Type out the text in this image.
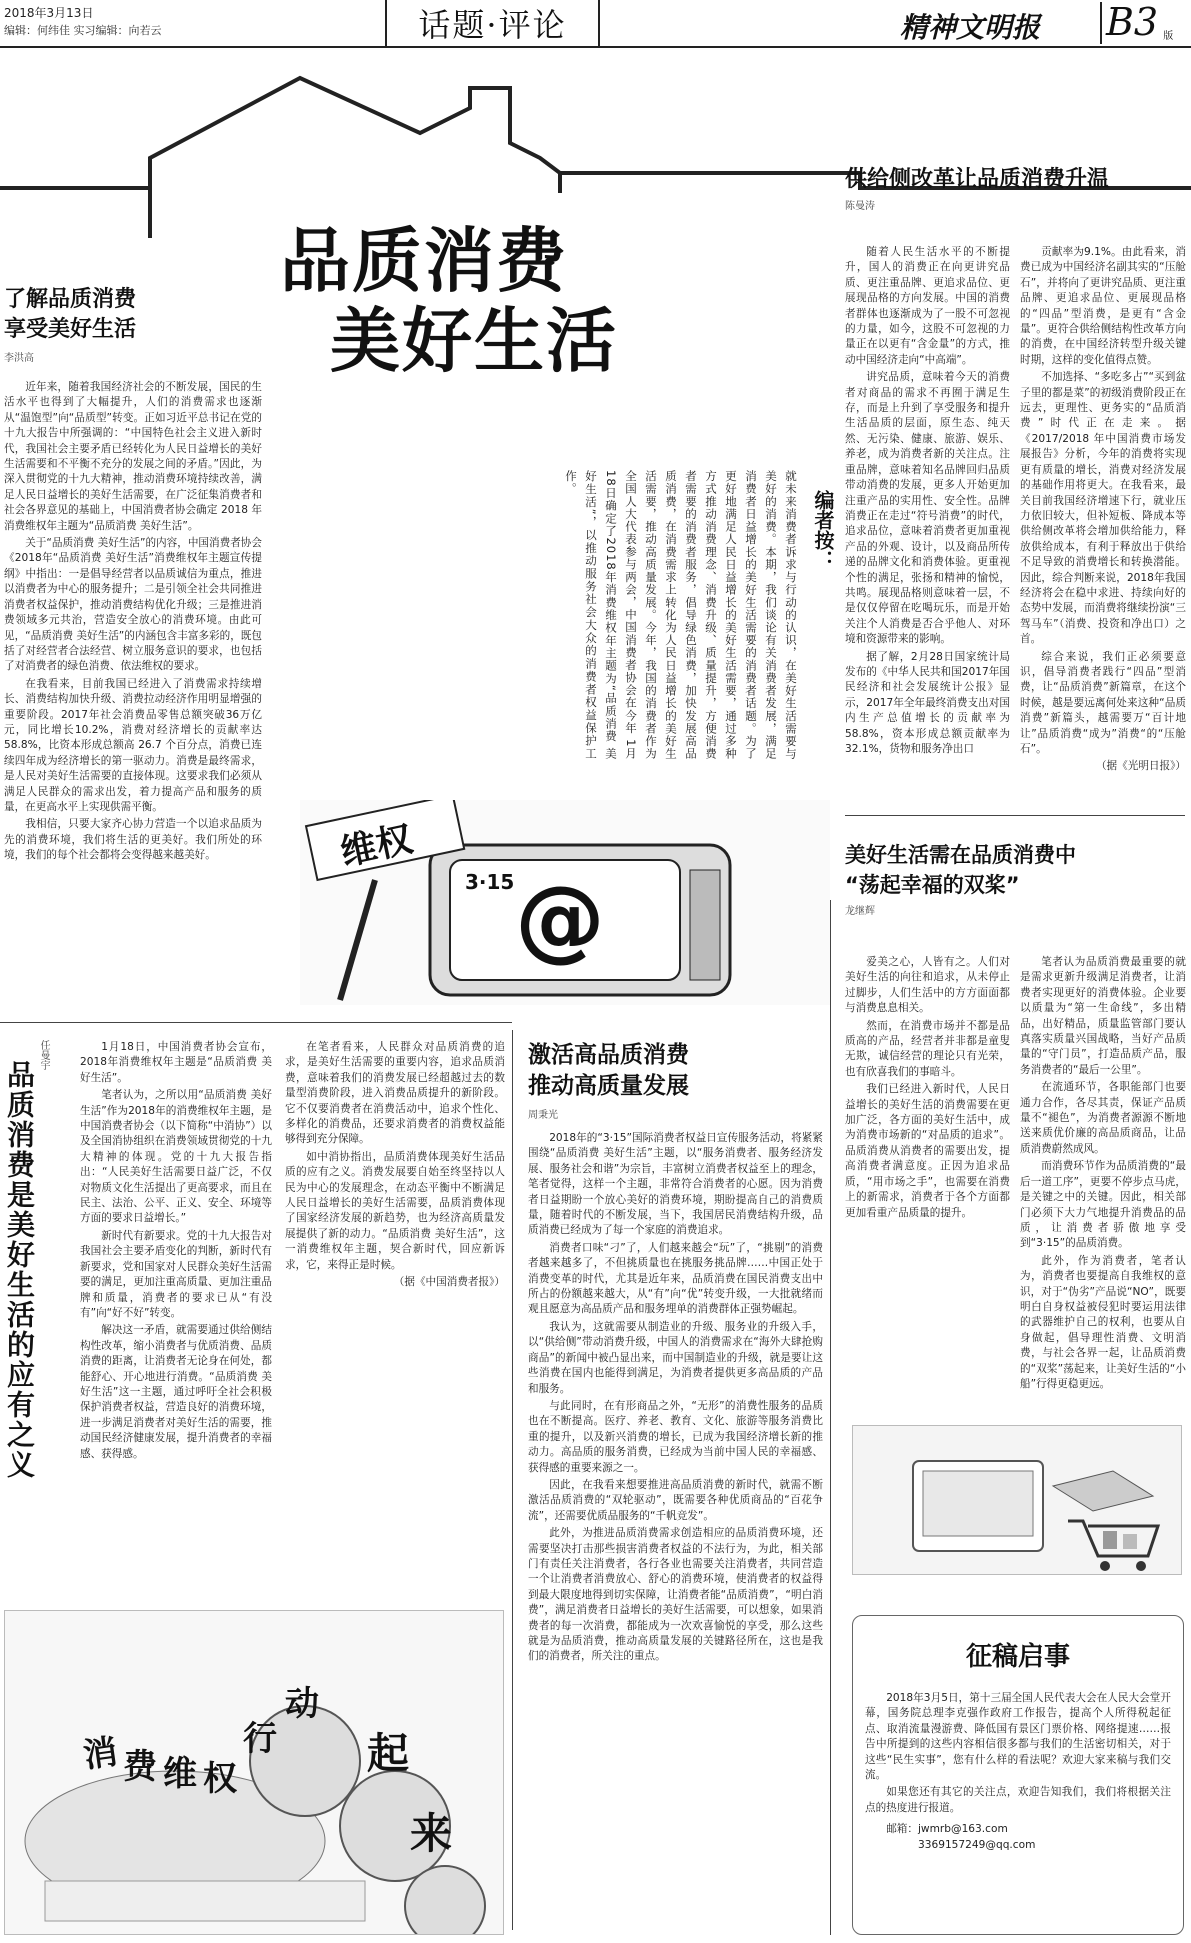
2018年3月13日
编辑：何纬佳 实习编辑：向若云	话题·评论	精神文明报 B3 版
品质消费
美好生活
了解品质消费
享受美好生活
李洪高

近年来，随着我国经济社会的不断发展，国民的生活水平也得到了大幅提升，人们的消费需求也逐渐从“温饱型”向“品质型”转变。正如习近平总书记在党的十九大报告中所强调的：“中国特色社会主义进入新时代，我国社会主要矛盾已经转化为人民日益增长的美好生活需要和不平衡不充分的发展之间的矛盾。”因此，为深入贯彻党的十九大精神，推动消费环境持续改善，满足人民日益增长的美好生活需要，在广泛征集消费者和社会各界意见的基础上，中国消费者协会确定 2018 年消费维权年主题为“品质消费 美好生活”。

关于“品质消费 美好生活”的内容，中国消费者协会《2018年“品质消费 美好生活”消费维权年主题宣传提纲》中指出：一是倡导经营者以品质诚信为重点，推进以消费者为中心的服务提升；二是引领全社会共同推进消费者权益保护，推动消费结构优化升级；三是推进消费领域多元共治，营造安全放心的消费环境。由此可见，“品质消费 美好生活”的内涵包含丰富多彩的，既包括了对经营者合法经营、树立服务意识的要求，也包括了对消费者的绿色消费、依法维权的要求。

在我看来，目前我国已经进入了消费需求持续增长、消费结构加快升级、消费拉动经济作用明显增强的重要阶段。2017年社会消费品零售总额突破36万亿元，同比增长10.2%，消费对经济增长的贡献率达58.8%，比资本形成总额高 26.7 个百分点，消费已连续四年成为经济增长的第一驱动力。消费是最终需求，是人民对美好生活需要的直接体现。这要求我们必须从满足人民群众的需求出发，着力提高产品和服务的质量，在更高水平上实现供需平衡。

我相信，只要大家齐心协力营造一个以追求品质为先的消费环境，我们将生活的更美好。我们所处的环境，我们的每个社会都将会变得越来越美好。

编者按：
就未来消费者诉求与行动的认识，在美好生活需要与美好的消费。本期，我们谈论有关消费者发展，满足消费者日益增长的美好生活需要的消费者话题。为了更好地满足人民日益增长的美好生活需要，通过多种方式推动消费理念、消费升级、质量提升，方便消费者需要的消费者服务，倡导绿色消费，加快发展高品质消费，在消费需求上转化为人民日益增长的美好生活需要，推动高质量发展。今年，我国的消费者作为全国人大代表参与两会，中国消费者协会在今年 1月18日确定了2018年消费维权年主题为“品质消费 美好生活”，以推动服务社会大众的消费者权益保护工作。
维权
3·15 @
供给侧改革让品质消费升温
陈曼涛

随着人民生活水平的不断提升，国人的消费正在向更讲究品质、更注重品牌、更追求品位、更展现品格的方向发展。中国的消费者群体也逐渐成为了一股不可忽视的力量，如今，这股不可忽视的力量正在以更有“含金量”的方式，推动中国经济走向“中高端”。

讲究品质，意味着今天的消费者对商品的需求不再囿于满足生存，而是上升到了享受服务和提升生活品质的层面，原生态、纯天然、无污染、健康、旅游、娱乐、养老，成为消费者新的关注点。注重品牌，意味着知名品牌回归品质带动消费的发展，更多人开始更加注重产品的实用性、安全性。品牌消费正在走过“符号消费”的时代，追求品位，意味着消费者更加重视产品的外观、设计，以及商品所传递的品牌文化和消费体验。更重视个性的满足，张扬和精神的愉悦，共鸣。展现品格则意味着一层，不是仅仅停留在吃喝玩乐，而是开始关注个人消费是否合乎他人、对环境和资源带来的影响。

据了解，2月28日国家统计局发布的《中华人民共和国2017年国民经济和社会发展统计公报》显示，2017年全年最终消费支出对国内生产总值增长的贡献率为58.8%，资本形成总额贡献率为32.1%，货物和服务净出口

贡献率为9.1%。由此看来，消费已成为中国经济名副其实的“压舱石”，并将向了更讲究品质、更注重品牌、更追求品位、更展现品格的“四品”型消费，是更有“含金量”。更符合供给侧结构性改革方向的消费，在中国经济转型升级关键时期，这样的变化值得点赞。

不加选择、“多吃多占”“买到盆子里的都是菜”的初级消费阶段正在远去，更理性、更务实的“品质消费”时代正在走来。据《2017/2018 年中国消费市场发展报告》分析，今年的消费将实现更有质量的增长，消费对经济发展的基础作用将更大。在我看来，最关目前我国经济增速下行，就业压力依旧较大，但补短板、降成本等供给侧改革将会增加供给能力，释放供给成本，有利于释放出于供给不足导致的消费增长和转换潜能。因此，综合判断来说，2018年我国经济将会在稳中求进、持续向好的态势中发展，而消费将继续扮演“三驾马车”（消费、投资和净出口）之首。

综合来说，我们正必须要意识，倡导消费者践行“四品”型消费，让“品质消费”新篇章，在这个时候，越是要远离何处来这种“品质消费”新篇头，越需要万“百计地让”品质消费“成为”消费“的“压舱石”。

（据《光明日报》）

美好生活需在品质消费中
“荡起幸福的双桨”
龙继辉

爱美之心，人皆有之。人们对美好生活的向往和追求，从未停止过脚步，人们生活中的方方面面都与消费息息相关。

然而，在消费市场并不都是品质高的产品，经营者并非都是童叟无欺，诚信经营的理论只有光荣，也有欣喜我们的事暗斗。

我们已经进入新时代，人民日益增长的美好生活的消费需要在更加广泛，各方面的美好生活中，成为消费市场新的“对品质的追求”。品质消费从消费者的需要出发，提高消费者满意度。正因为追求品质，“用市场之手”，也需要在消费上的新需求，消费者于各个方面都更加看重产品质量的提升。

笔者认为品质消费最重要的就是需求更新升级满足消费者，让消费者实现更好的消费体验。企业要以质量为“第一生命线”，多出精品，出好精品，质量监管部门要认真落实质量兴国战略，当好产品质量的“守门员”，打造品质产品，服务消费者的“最后一公里”。

在流通环节，各职能部门也要通力合作，各尽其责，保证产品质量不“褪色”，为消费者源源不断地送来质优价廉的高品质商品，让品质消费蔚然成风。

而消费环节作为品质消费的“最后一道工序”，更要不停步点马虎，是关键之中的关键。因此，相关部门必须下大力气地提升消费品的品质，让消费者骄傲地享受到“3·15”的品质消费。

此外，作为消费者，笔者认为，消费者也要提高自我维权的意识，对于“伪劣”产品说“NO”，既要明白自身权益被侵犯时要运用法律的武器维护自己的权利，也要从自身做起，倡导理性消费、文明消费，与社会各界一起，让品质消费的“双桨”荡起来，让美好生活的“小船”行得更稳更远。

征稿启事

2018年3月5日，第十三届全国人民代表大会在人民大会堂开幕，国务院总理李克强作政府工作报告，提高个人所得税起征点、取消流量漫游费、降低国有景区门票价格、网络提速……报告中所提到的这些内容相信很多都与我们的生活密切相关，对于这些“民生实事”，您有什么样的看法呢？欢迎大家来稿与我们交流。

如果您还有其它的关注点，欢迎告知我们，我们将根据关注点的热度进行报道。

邮箱：jwmrb@163.com
3369157249@qq.com
激活高品质消费
推动高质量发展
周秉光

2018年的“3·15”国际消费者权益日宣传服务活动，将紧紧围绕“品质消费 美好生活”主题，以“服务消费者、服务经济发展、服务社会和谐”为宗旨，丰富树立消费者权益至上的理念，笔者觉得，这样一个主题，非常符合消费者的心愿。因为消费者日益期盼一个放心美好的消费环境，期盼提高自己的消费质量，随着时代的不断发展，当下，我国居民消费结构升级，品质消费已经成为了每一个家庭的消费追求。

消费者口味“刁”了，人们越来越会“玩”了，“挑剔”的消费者越来越多了，不但挑质量也在挑服务挑品牌……中国正处于消费变革的时代，尤其是近年来，品质消费在国民消费支出中所占的份额越来越大，从“有”向“优”转变升级，一大批就绪而观且愿意为高品质产品和服务埋单的消费群体正强势崛起。

我认为，这就需要从制造业的升级、服务业的升级入手，以“供给侧”带动消费升级，中国人的消费需求在“海外大肆抢购商品”的新闻中被凸显出来，而中国制造业的升级，就是要让这些消费在国内也能得到满足，为消费者提供更多高品质的产品和服务。

与此同时，在有形商品之外，“无形”的消费性服务的品质也在不断提高。医疗、养老、教育、文化、旅游等服务消费比重的提升，以及新兴消费的增长，已成为我国经济增长新的推动力。高品质的服务消费，已经成为当前中国人民的幸福感、获得感的重要来源之一。

因此，在我看来想要推进高品质消费的新时代，就需不断激活品质消费的“双轮驱动”，既需要各种优质商品的“百花争流”，还需要优质品服务的“千帆竞发”。

此外，为推进品质消费需求创造相应的品质消费环境，还需要坚决打击那些损害消费者权益的不法行为，为此，相关部门有责任关注消费者，各行各业也需要关注消费者，共同营造一个让消费者消费放心、舒心的消费环境，使消费者的权益得到最大限度地得到切实保障，让消费者能“品质消费”，“明白消费”，满足消费者日益增长的美好生活需要，可以想象，如果消费者的每一次消费，都能成为一次欢喜愉悦的享受，那么这些就是为品质消费，推动高质量发展的关键路径所在，这也是我们的消费者，所关注的重点。

任曼宇
品质消费是美好生活的应有之义

1月18日，中国消费者协会宣布，2018年消费维权年主题是“品质消费 美好生活”。

笔者认为，之所以用“品质消费 美好生活”作为2018年的消费维权年主题，是中国消费者协会（以下简称“中消协”）以及全国消协组织在消费领域贯彻党的十九大精神的体现。党的十九大报告指出：“人民美好生活需要日益广泛，不仅对物质文化生活提出了更高要求，而且在民主、法治、公平、正义、安全、环境等方面的要求日益增长。”

新时代有新要求。党的十九大报告对我国社会主要矛盾变化的判断，新时代有新要求，党和国家对人民群众美好生活需要的满足，更加注重高质量、更加注重品牌和质量，消费者的要求已从“有没有”向“好不好”转变。

解决这一矛盾，就需要通过供给侧结构性改革，缩小消费者与优质消费、品质消费的距离，让消费者无论身在何处，都能舒心、开心地进行消费。“品质消费 美好生活”这一主题，通过呼吁全社会积极保护消费者权益，营造良好的消费环境，进一步满足消费者对美好生活的需要，推动国民经济健康发展，提升消费者的幸福感、获得感。

在笔者看来，人民群众对品质消费的追求，是美好生活需要的重要内容，追求品质消费，意味着我们的消费发展已经超越过去的数量型消费阶段，进入消费品质提升的新阶段。它不仅要消费者在消费活动中，追求个性化、多样化的消费品，还要求消费者的消费权益能够得到充分保障。

如中消协指出，品质消费体现美好生活品质的应有之义。消费发展要自始至终坚持以人民为中心的发展理念，在动态平衡中不断满足人民日益增长的美好生活需要，品质消费体现了国家经济发展的新趋势，也为经济高质量发展提供了新的动力。“品质消费 美好生活”，这一消费维权年主题，契合新时代，回应新诉求，它，来得正是时候。

（据《中国消费者报》）

消 费 维 权
行
动
起
来
